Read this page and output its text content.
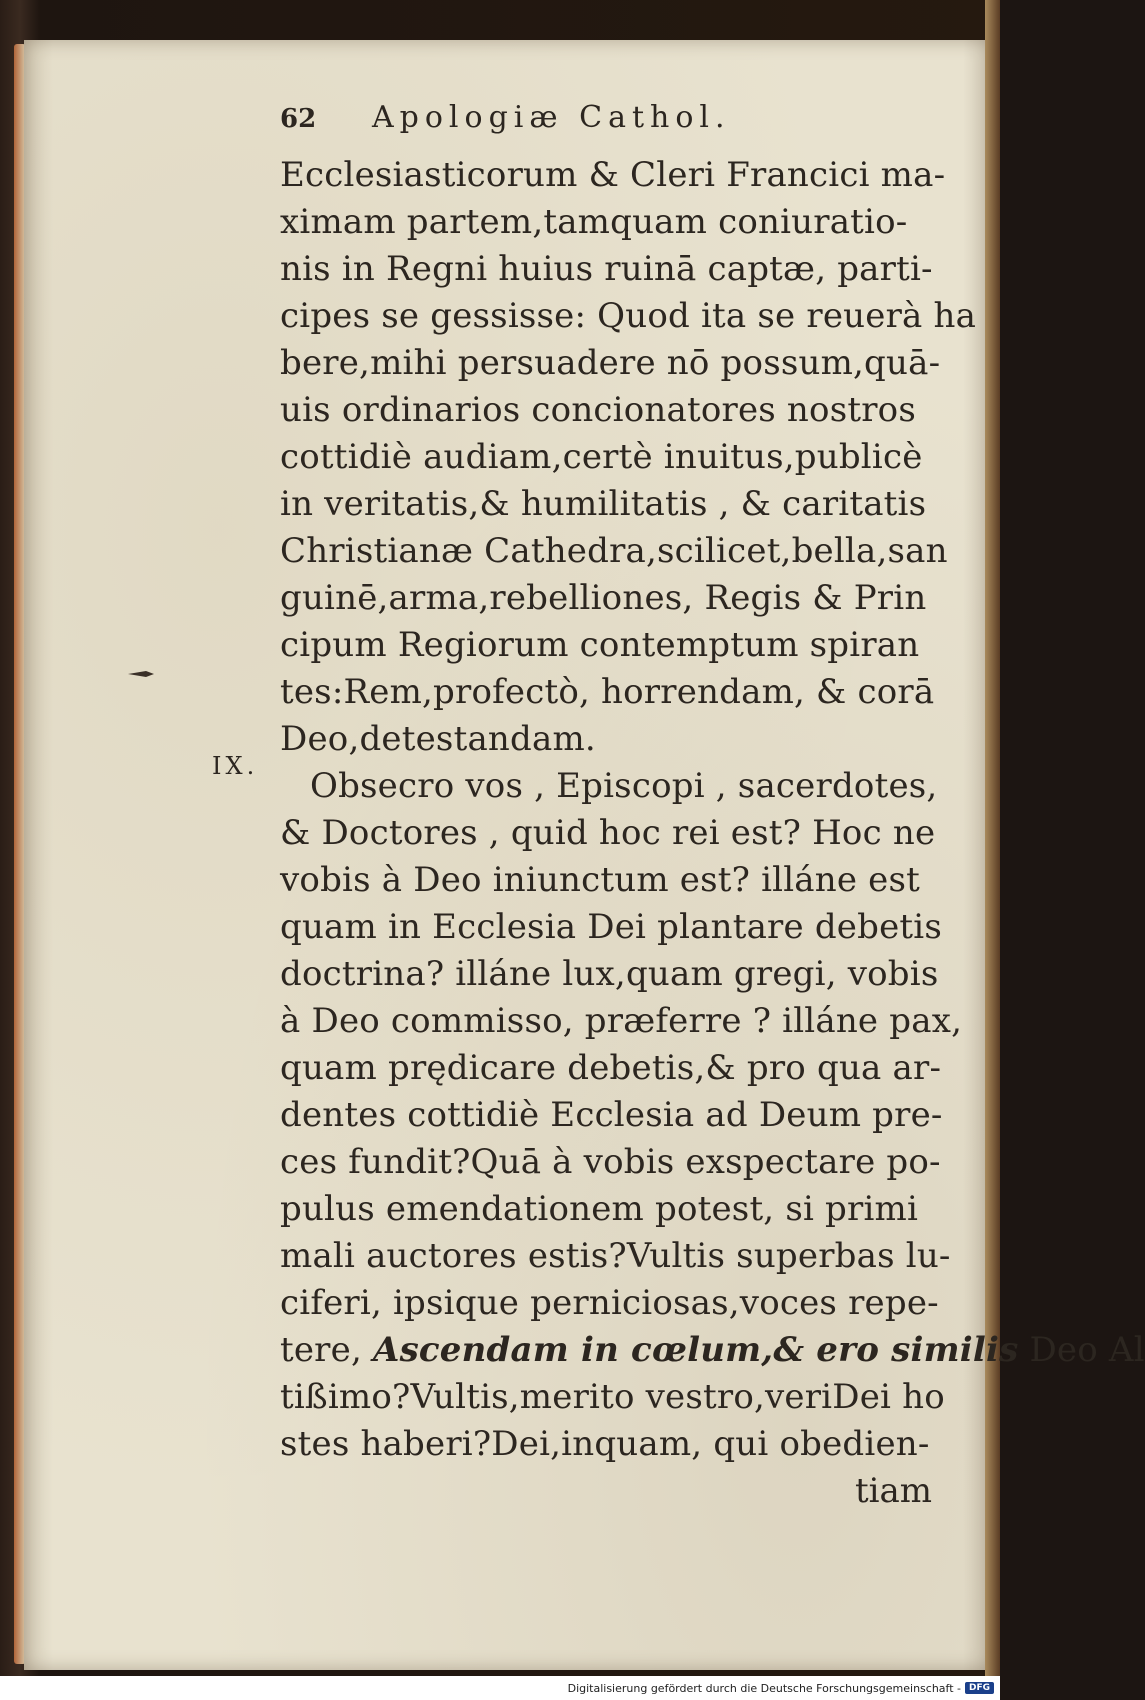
IX.
62	Apologiæ Cathol.
Ecclesiasticorum & Cleri Francici ma-
ximam partem,tamquam coniuratio-
nis in Regni huius ruinā captæ, parti-
cipes se gessisse: Quod ita se reuerà ha
bere,mihi persuadere nō possum,quā-
uis ordinarios concionatores nostros
cottidiè audiam,certè inuitus,publicè
in veritatis,& humilitatis , & caritatis
Christianæ Cathedra,scilicet,bella,san
guinē,arma,rebelliones, Regis & Prin
cipum Regiorum contemptum spiran
tes:Rem,profectò, horrendam, & corā
Deo,detestandam.
Obsecro vos , Episcopi , sacerdotes,
& Doctores , quid hoc rei est? Hoc ne
vobis à Deo iniunctum est? illáne est
quam in Ecclesia Dei plantare debetis
doctrina? illáne lux,quam gregi, vobis
à Deo commisso, præferre ? illáne pax,
quam prędicare debetis,& pro qua ar-
dentes cottidiè Ecclesia ad Deum pre-
ces fundit?Quā à vobis exspectare po-
pulus emendationem potest, si primi
mali auctores estis?Vultis superbas lu-
ciferi, ipsique perniciosas,voces repe-
tere, Ascendam in cœlum,& ero similis Deo Al
tißimo?Vultis,merito vestro,veriDei ho
stes haberi?Dei,inquam, qui obedien-
tiam
Digitalisierung gefördert durch die Deutsche Forschungsgemeinschaft - DFG
